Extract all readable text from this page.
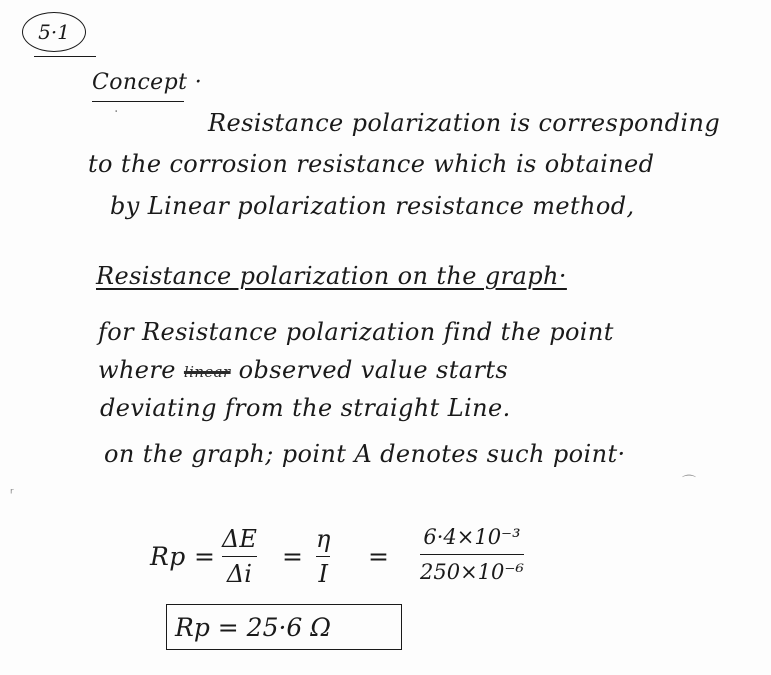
5·1
Concept ·
·	Resistance polarization is corresponding
to the corrosion resistance which is obtained
by Linear polarization resistance method,
Resistance polarization on the graph·
for Resistance polarization find the point
where linear observed value starts
deviating from the straight Line.
on the graph; point A denotes such point·
ʳ
⌒
Rp =
ΔE
Δi
=
η
I
=
6·4×10⁻³
250×10⁻⁶
Rp = 25·6 Ω
